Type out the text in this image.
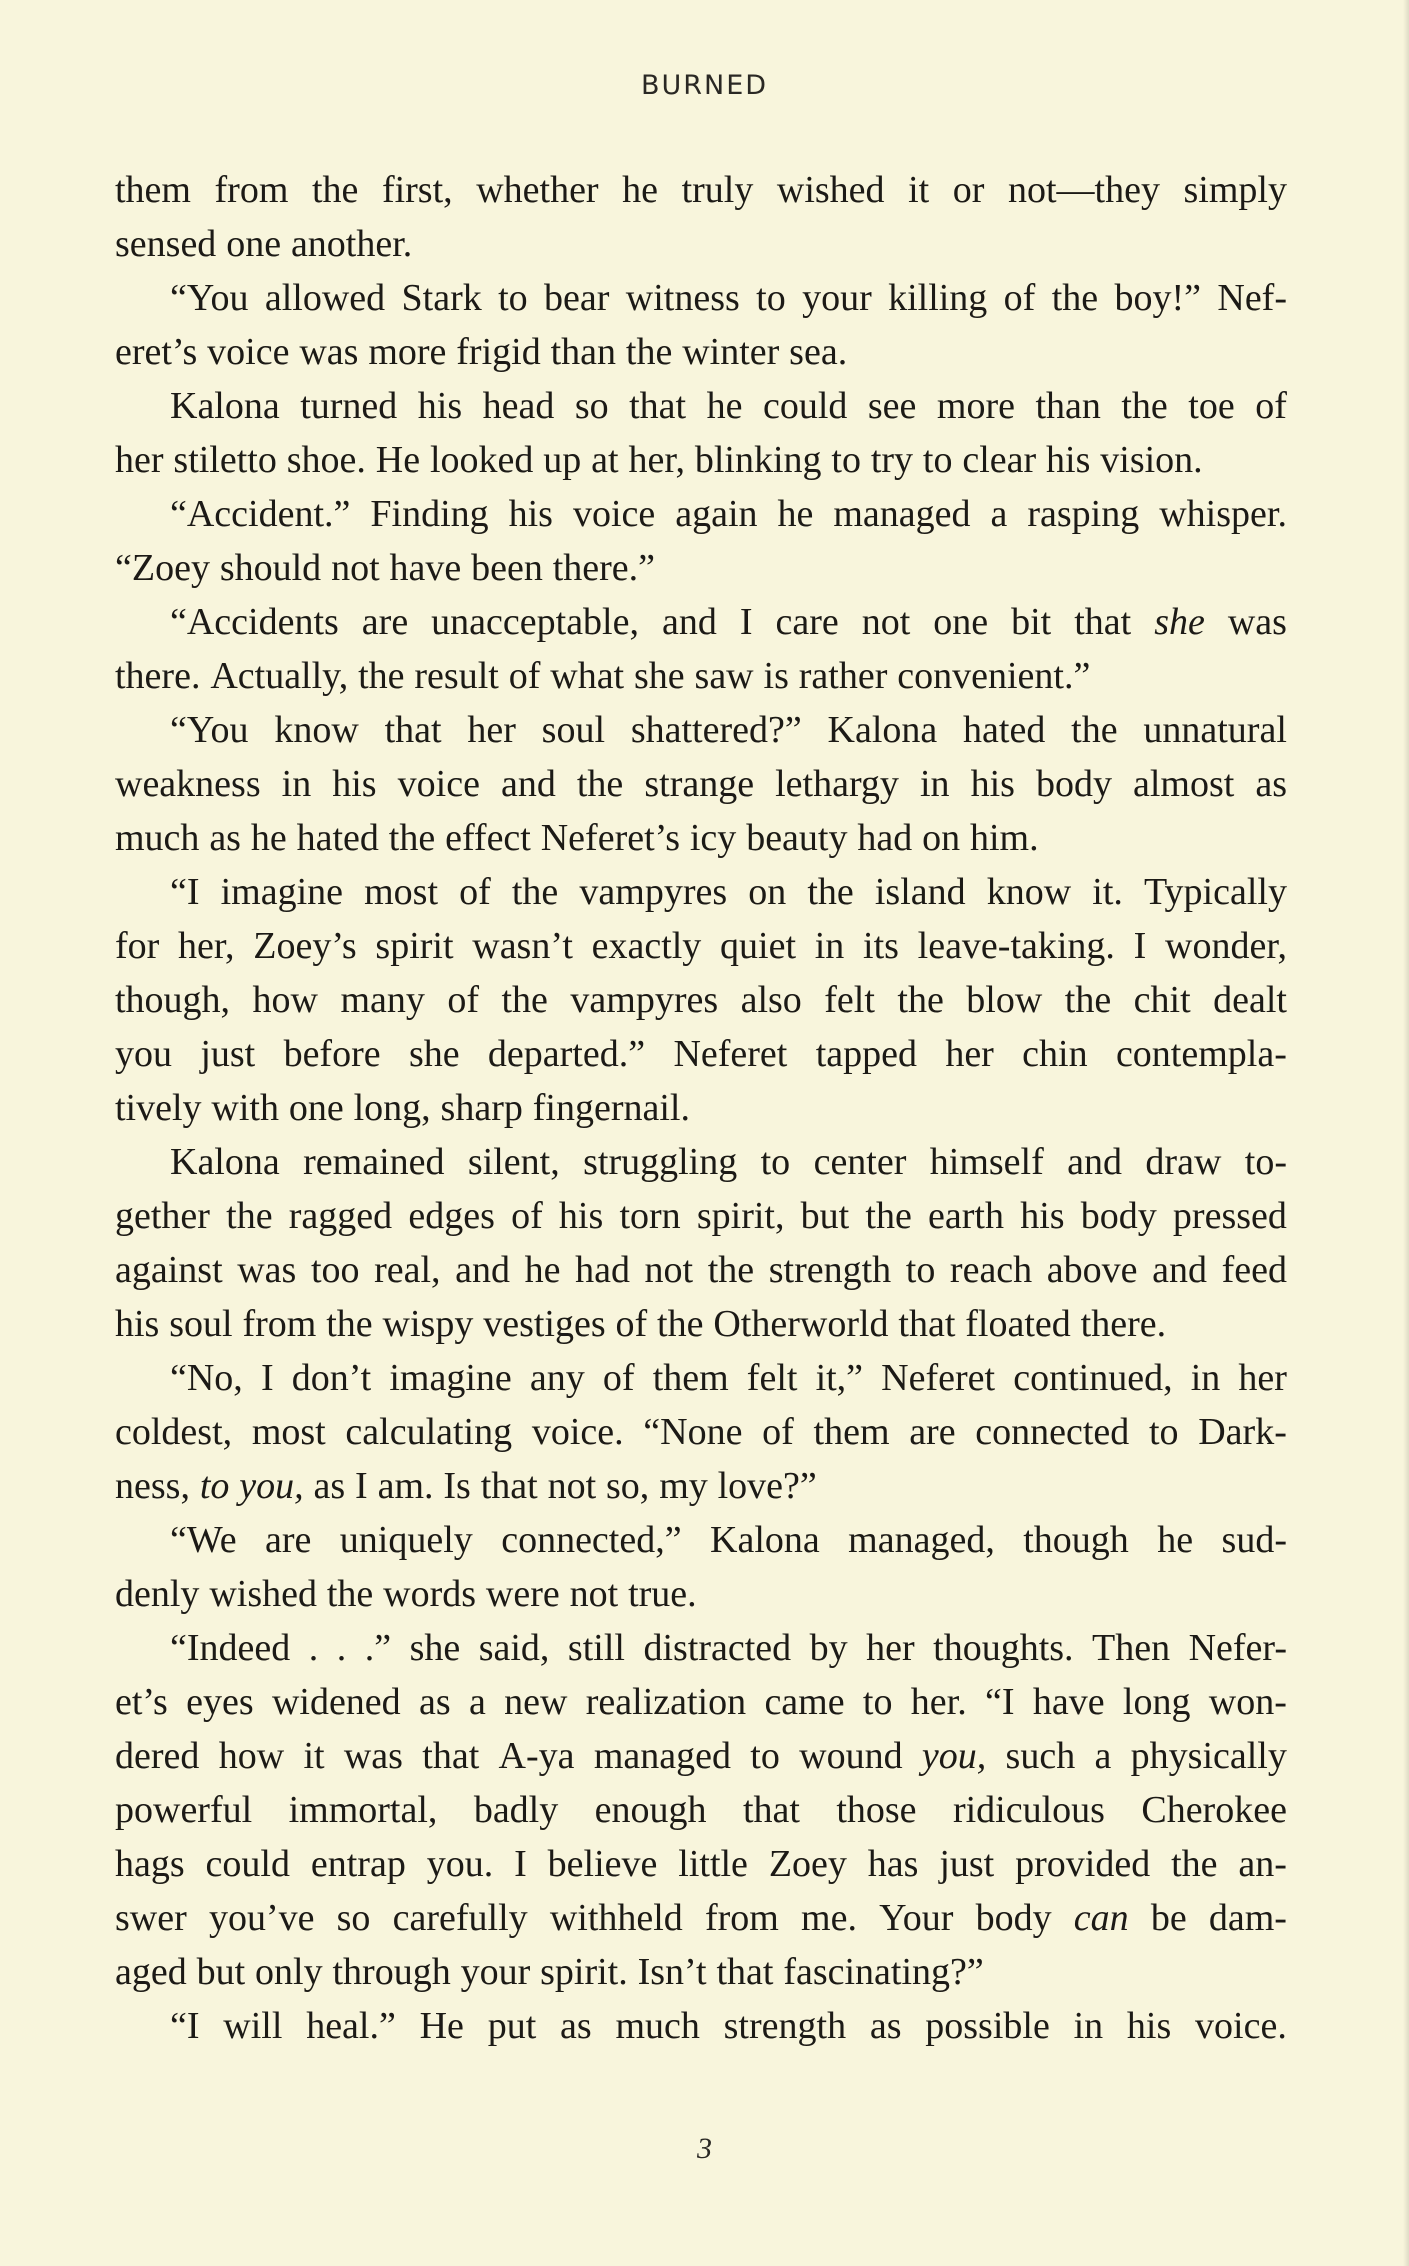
BURNED
them from the first, whether he truly wished it or not—they simply
sensed one another.
“You allowed Stark to bear witness to your killing of the boy!” Nef-
eret’s voice was more frigid than the winter sea.
Kalona turned his head so that he could see more than the toe of
her stiletto shoe. He looked up at her, blinking to try to clear his vision.
“Accident.” Finding his voice again he managed a rasping whisper.
“Zoey should not have been there.”
“Accidents are unacceptable, and I care not one bit that she was
there. Actually, the result of what she saw is rather convenient.”
“You know that her soul shattered?” Kalona hated the unnatural
weakness in his voice and the strange lethargy in his body almost as
much as he hated the effect Neferet’s icy beauty had on him.
“I imagine most of the vampyres on the island know it. Typically
for her, Zoey’s spirit wasn’t exactly quiet in its leave-taking. I wonder,
though, how many of the vampyres also felt the blow the chit dealt
you just before she departed.” Neferet tapped her chin contempla-
tively with one long, sharp fingernail.
Kalona remained silent, struggling to center himself and draw to-
gether the ragged edges of his torn spirit, but the earth his body pressed
against was too real, and he had not the strength to reach above and feed
his soul from the wispy vestiges of the Otherworld that floated there.
“No, I don’t imagine any of them felt it,” Neferet continued, in her
coldest, most calculating voice. “None of them are connected to Dark-
ness, to you, as I am. Is that not so, my love?”
“We are uniquely connected,” Kalona managed, though he sud-
denly wished the words were not true.
“Indeed . . .” she said, still distracted by her thoughts. Then Nefer-
et’s eyes widened as a new realization came to her. “I have long won-
dered how it was that A-ya managed to wound you, such a physically
powerful immortal, badly enough that those ridiculous Cherokee
hags could entrap you. I believe little Zoey has just provided the an-
swer you’ve so carefully withheld from me. Your body can be dam-
aged but only through your spirit. Isn’t that fascinating?”
“I will heal.” He put as much strength as possible in his voice.
3
